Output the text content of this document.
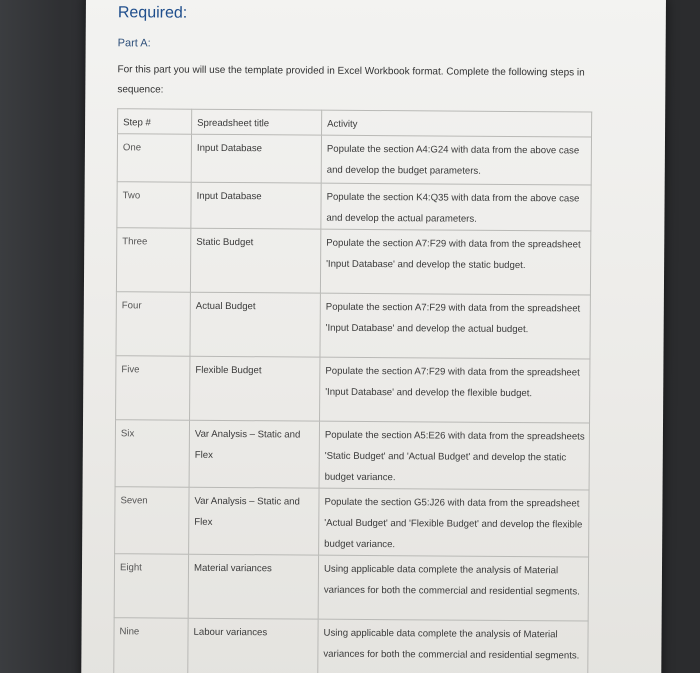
Required:
Part A:
For this part you will use the template provided in Excel Workbook format. Complete the following steps in sequence:
Step #	Spreadsheet title	Activity
One	Input Database	Populate the section A4:G24 with data from the above case and develop the budget parameters.
Two	Input Database	Populate the section K4:Q35 with data from the above case and develop the actual parameters.
Three	Static Budget	Populate the section A7:F29 with data from the spreadsheet 'Input Database' and develop the static budget.
Four	Actual Budget	Populate the section A7:F29 with data from the spreadsheet 'Input Database' and develop the actual budget.
Five	Flexible Budget	Populate the section A7:F29 with data from the spreadsheet 'Input Database' and develop the flexible budget.
Six	Var Analysis – Static and Flex	Populate the section A5:E26 with data from the spreadsheets 'Static Budget' and 'Actual Budget' and develop the static budget variance.
Seven	Var Analysis – Static and Flex	Populate the section G5:J26 with data from the spreadsheet 'Actual Budget' and 'Flexible Budget' and develop the flexible budget variance.
Eight	Material variances	Using applicable data complete the analysis of Material variances for both the commercial and residential segments.
Nine	Labour variances	Using applicable data complete the analysis of Material variances for both the commercial and residential segments.
